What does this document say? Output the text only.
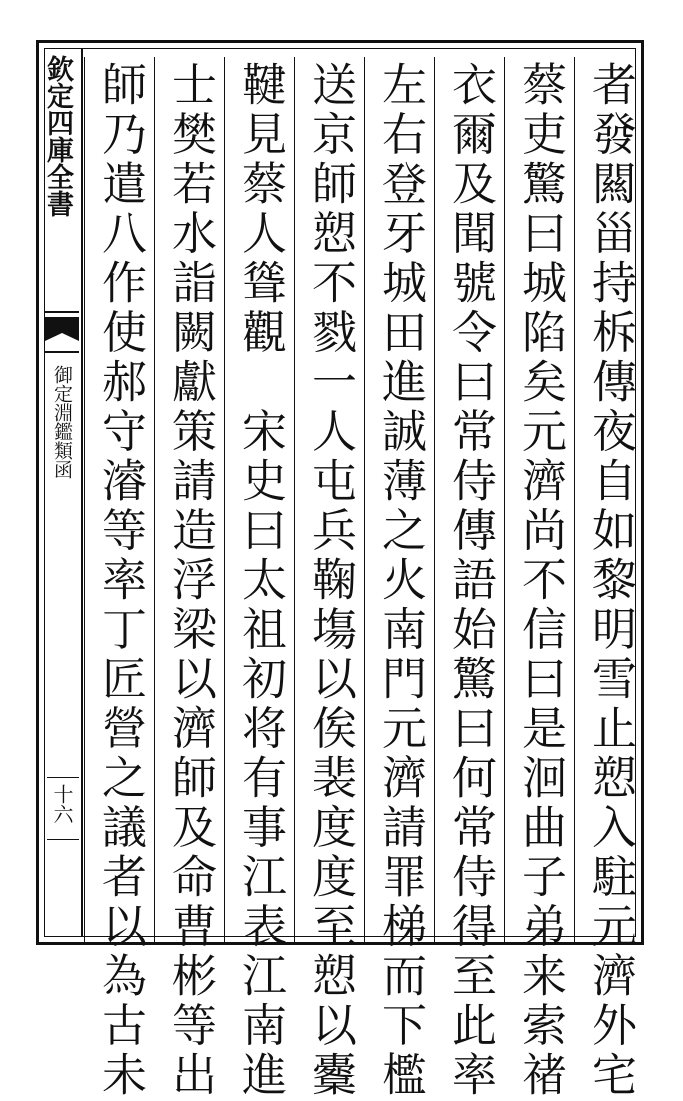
欽定四庫全書
御定淵鑑類函
十六	者發闗甾持柝傳夜自如黎明雪止愬入駐元濟外宅
蔡吏驚曰城陷矣元濟尚不信曰是洄曲子弟来索禇
衣爾及聞號令曰常侍傳語始驚曰何常侍得至此率
左右登牙城田進誠薄之火南門元濟請罪梯而下檻
送京師愬不戮一人屯兵鞠塲以俟裴度度至愬以櫜
鞬見蔡人聳觀　宋史曰太祖初将有事江表江南進
士樊若水詣闕獻策請造浮梁以濟師及命曹彬等出
師乃遣八作使郝守濬等率丁匠營之議者以為古未
